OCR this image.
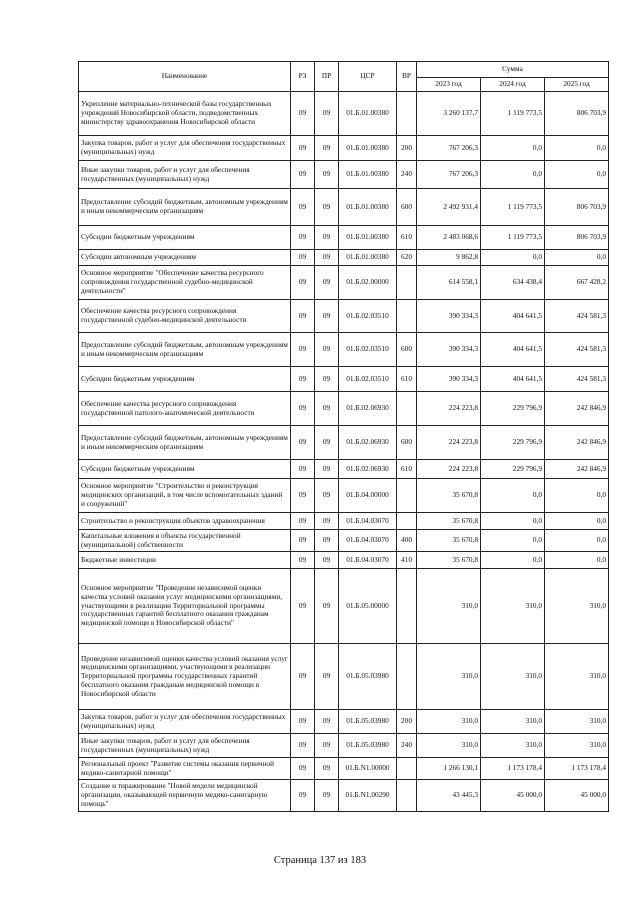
Наименование	РЗ	ПР	ЦСР	ВР	Сумма		
					2023 год	2024 год	2025 год
Укрепление материально-технической базы государственных учреждений Новосибирской области, подведомственных министерству здравоохранения Новосибирской области	09	09	01.Б.01.00380		3 260 137,7	1 119 773,5	806 703,9
Закупка товаров, работ и услуг для обеспечения государственных (муниципальных) нужд	09	09	01.Б.01.00380	200	767 206,3	0,0	0,0
Иные закупки товаров, работ и услуг для обеспечения государственных (муниципальных) нужд	09	09	01.Б.01.00380	240	767 206,3	0,0	0,0
Предоставление субсидий бюджетным, автономным учреждениям и иным некоммерческим организациям	09	09	01.Б.01.00380	600	2 492 931,4	1 119 773,5	806 703,9
Субсидии бюджетным учреждениям	09	09	01.Б.01.00380	610	2 483 068,6	1 119 773,5	806 703,9
Субсидии автономным учреждениям	09	09	01.Б.01.00380	620	9 862,8	0,0	0,0
Основное мероприятие "Обеспечение качества ресурсного сопровождения государственной судебно-медицинской деятельности"	09	09	01.Б.02.00000		614 558,1	634 438,4	667 428,2
Обеспечение качества ресурсного сопровождения государственной судебно-медицинской деятельности	09	09	01.Б.02.03510		390 334,3	404 641,5	424 581,3
Предоставление субсидий бюджетным, автономным учреждениям и иным некоммерческим организациям	09	09	01.Б.02.03510	600	390 334,3	404 641,5	424 581,3
Субсидии бюджетным учреждениям	09	09	01.Б.02.03510	610	390 334,3	404 641,5	424 581,3
Обеспечение качества ресурсного сопровождения государственной патолого-анатомической деятельности	09	09	01.Б.02.06930		224 223,8	229 796,9	242 846,9
Предоставление субсидий бюджетным, автономным учреждениям и иным некоммерческим организациям	09	09	01.Б.02.06930	600	224 223,8	229 796,9	242 846,9
Субсидии бюджетным учреждениям	09	09	01.Б.02.06930	610	224 223,8	229 796,9	242 846,9
Основное мероприятие "Строительство и реконструкция медицинских организаций, в том числе вспомогательных зданий и сооружений"	09	09	01.Б.04.00000		35 670,8	0,0	0,0
Строительство и реконструкция объектов здравоохранения	09	09	01.Б.04.03070		35 670,8	0,0	0,0
Капитальные вложения в объекты государственной (муниципальной) собственности	09	09	01.Б.04.03070	400	35 670,8	0,0	0,0
Бюджетные инвестиции	09	09	01.Б.04.03070	410	35 670,8	0,0	0,0
Основное мероприятие "Проведение независимой оценки качества условий оказания услуг медицинскими организациями, участвующими в реализации Территориальной программы государственных гарантий бесплатного оказания гражданам медицинской помощи в Новосибирской области"	09	09	01.Б.05.00000		310,0	310,0	310,0
Проведение независимой оценки качества условий оказания услуг медицинскими организациями, участвующими в реализации Территориальной программы государственных гарантий бесплатного оказания гражданам медицинской помощи в Новосибирской области	09	09	01.Б.05.03980		310,0	310,0	310,0
Закупка товаров, работ и услуг для обеспечения государственных (муниципальных) нужд	09	09	01.Б.05.03980	200	310,0	310,0	310,0
Иные закупки товаров, работ и услуг для обеспечения государственных (муниципальных) нужд	09	09	01.Б.05.03980	240	310,0	310,0	310,0
Региональный проект "Развитие системы оказания первичной медико-санитарной помощи"	09	09	01.Б.N1.00000		1 266 130,1	1 173 178,4	1 173 178,4
Создание и тиражирование "Новой модели медицинской организации, оказывающей первичную медико-санитарную помощь"	09	09	01.Б.N1.00290		43 445,3	45 000,0	45 000,0
Страница 137 из 183
